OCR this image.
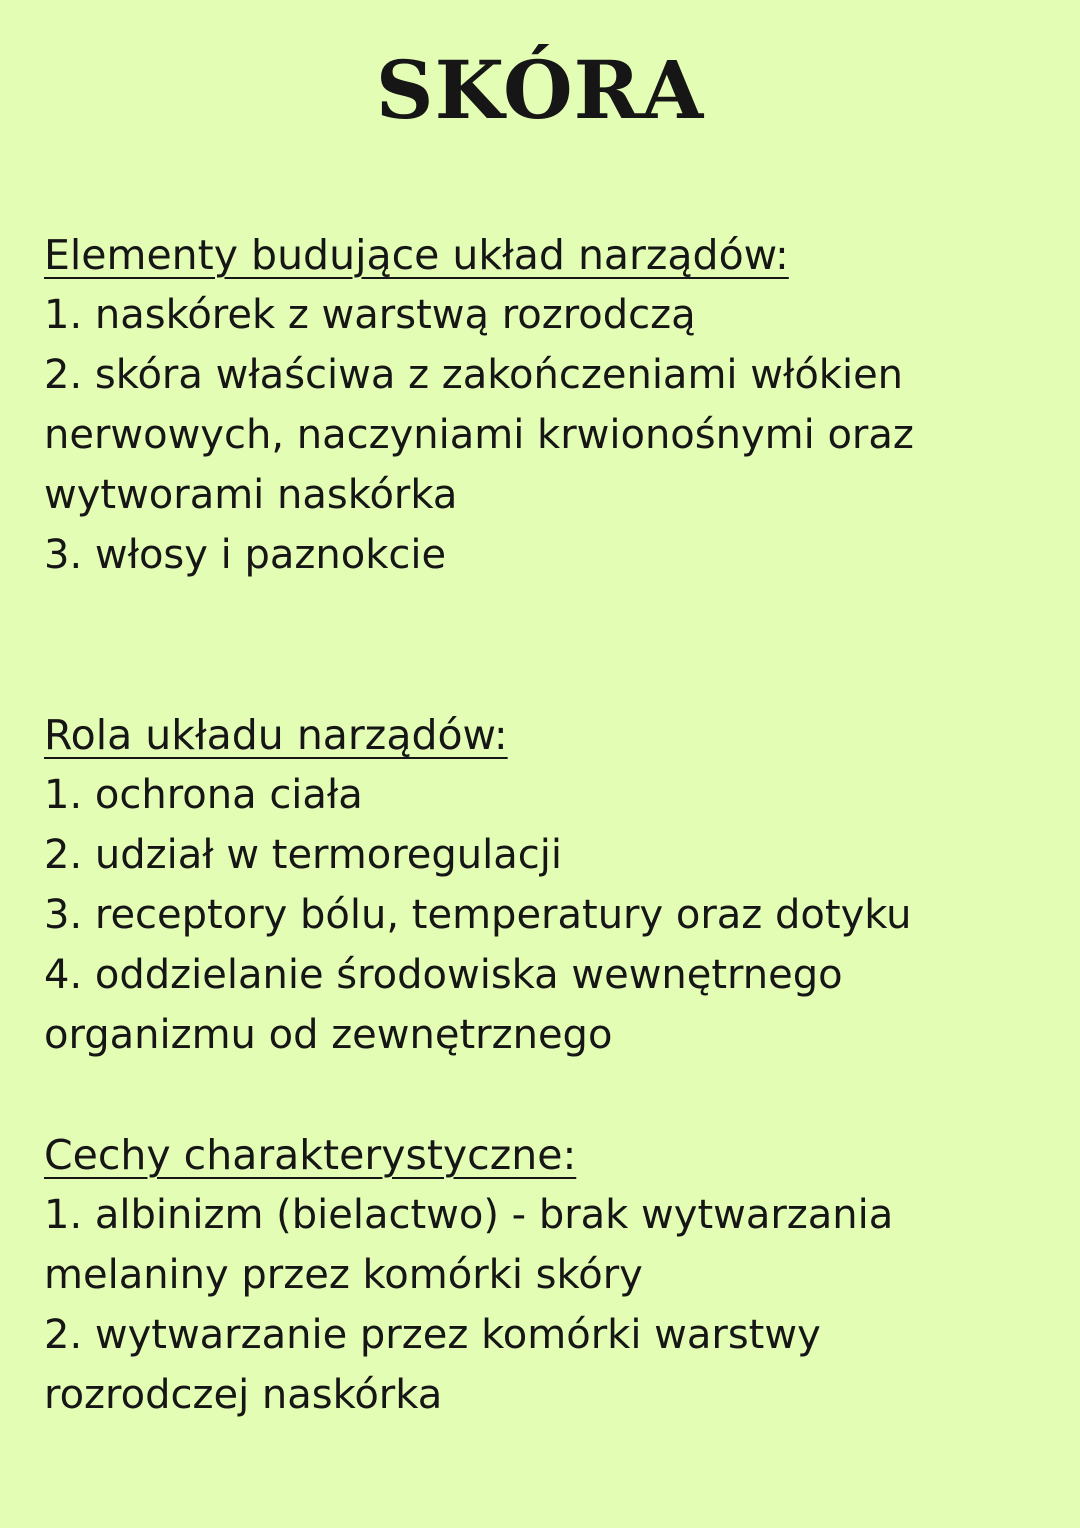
SKÓRA
Elementy budujące układ narządów:
1. naskórek z warstwą rozrodczą
2. skóra właściwa z zakończeniami włókien
nerwowych, naczyniami krwionośnymi oraz
wytworami naskórka
3. włosy i paznokcie
Rola układu narządów:
1. ochrona ciała
2. udział w termoregulacji
3. receptory bólu, temperatury oraz dotyku
4. oddzielanie środowiska wewnętrnego
organizmu od zewnętrznego
Cechy charakterystyczne:
1. albinizm (bielactwo) - brak wytwarzania
melaniny przez komórki skóry
2. wytwarzanie przez komórki warstwy
rozrodczej naskórka
